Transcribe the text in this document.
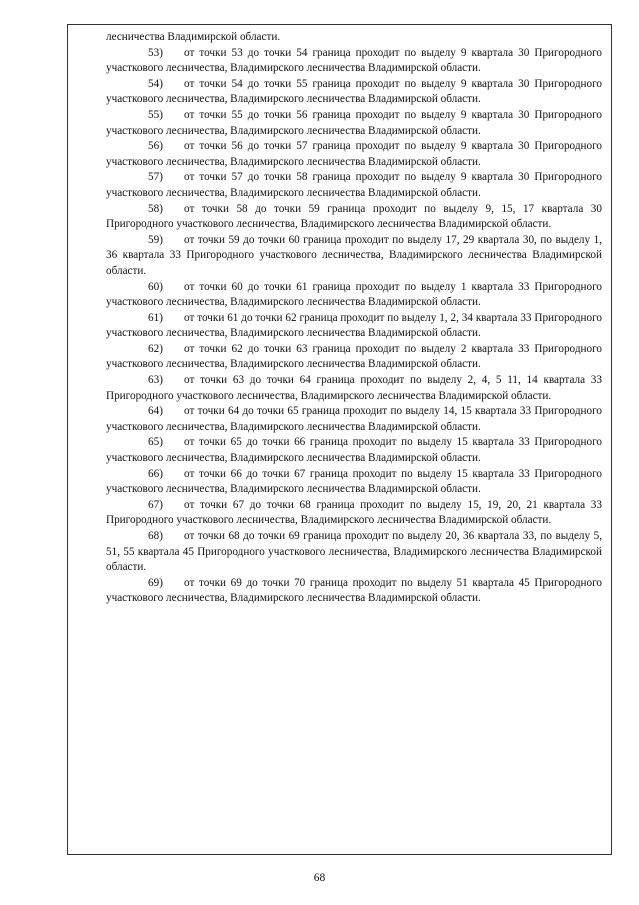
лесничества Владимирской области.

53) от точки 53 до точки 54 граница проходит по выделу 9 квартала 30 Пригородного участкового лесничества, Владимирского лесничества Владимирской области.

54) от точки 54 до точки 55 граница проходит по выделу 9 квартала 30 Пригородного участкового лесничества, Владимирского лесничества Владимирской области.

55) от точки 55 до точки 56 граница проходит по выделу 9 квартала 30 Пригородного участкового лесничества, Владимирского лесничества Владимирской области.

56) от точки 56 до точки 57 граница проходит по выделу 9 квартала 30 Пригородного участкового лесничества, Владимирского лесничества Владимирской области.

57) от точки 57 до точки 58 граница проходит по выделу 9 квартала 30 Пригородного участкового лесничества, Владимирского лесничества Владимирской области.

58) от точки 58 до точки 59 граница проходит по выделу 9, 15, 17 квартала 30 Пригородного участкового лесничества, Владимирского лесничества Владимирской области.

59) от точки 59 до точки 60 граница проходит по выделу 17, 29 квартала 30, по выделу 1, 36 квартала 33 Пригородного участкового лесничества, Владимирского лесничества Владимирской области.

60) от точки 60 до точки 61 граница проходит по выделу 1 квартала 33 Пригородного участкового лесничества, Владимирского лесничества Владимирской области.

61) от точки 61 до точки 62 граница проходит по выделу 1, 2, 34 квартала 33 Пригородного участкового лесничества, Владимирского лесничества Владимирской области.

62) от точки 62 до точки 63 граница проходит по выделу 2 квартала 33 Пригородного участкового лесничества, Владимирского лесничества Владимирской области.

63) от точки 63 до точки 64 граница проходит по выделу 2, 4, 5 11, 14 квартала 33 Пригородного участкового лесничества, Владимирского лесничества Владимирской области.

64) от точки 64 до точки 65 граница проходит по выделу 14, 15 квартала 33 Пригородного участкового лесничества, Владимирского лесничества Владимирской области.

65) от точки 65 до точки 66 граница проходит по выделу 15 квартала 33 Пригородного участкового лесничества, Владимирского лесничества Владимирской области.

66) от точки 66 до точки 67 граница проходит по выделу 15 квартала 33 Пригородного участкового лесничества, Владимирского лесничества Владимирской области.

67) от точки 67 до точки 68 граница проходит по выделу 15, 19, 20, 21 квартала 33 Пригородного участкового лесничества, Владимирского лесничества Владимирской области.

68) от точки 68 до точки 69 граница проходит по выделу 20, 36 квартала 33, по выделу 5, 51, 55 квартала 45 Пригородного участкового лесничества, Владимирского лесничества Владимирской области.

69) от точки 69 до точки 70 граница проходит по выделу 51 квартала 45 Пригородного участкового лесничества, Владимирского лесничества Владимирской области.

68
